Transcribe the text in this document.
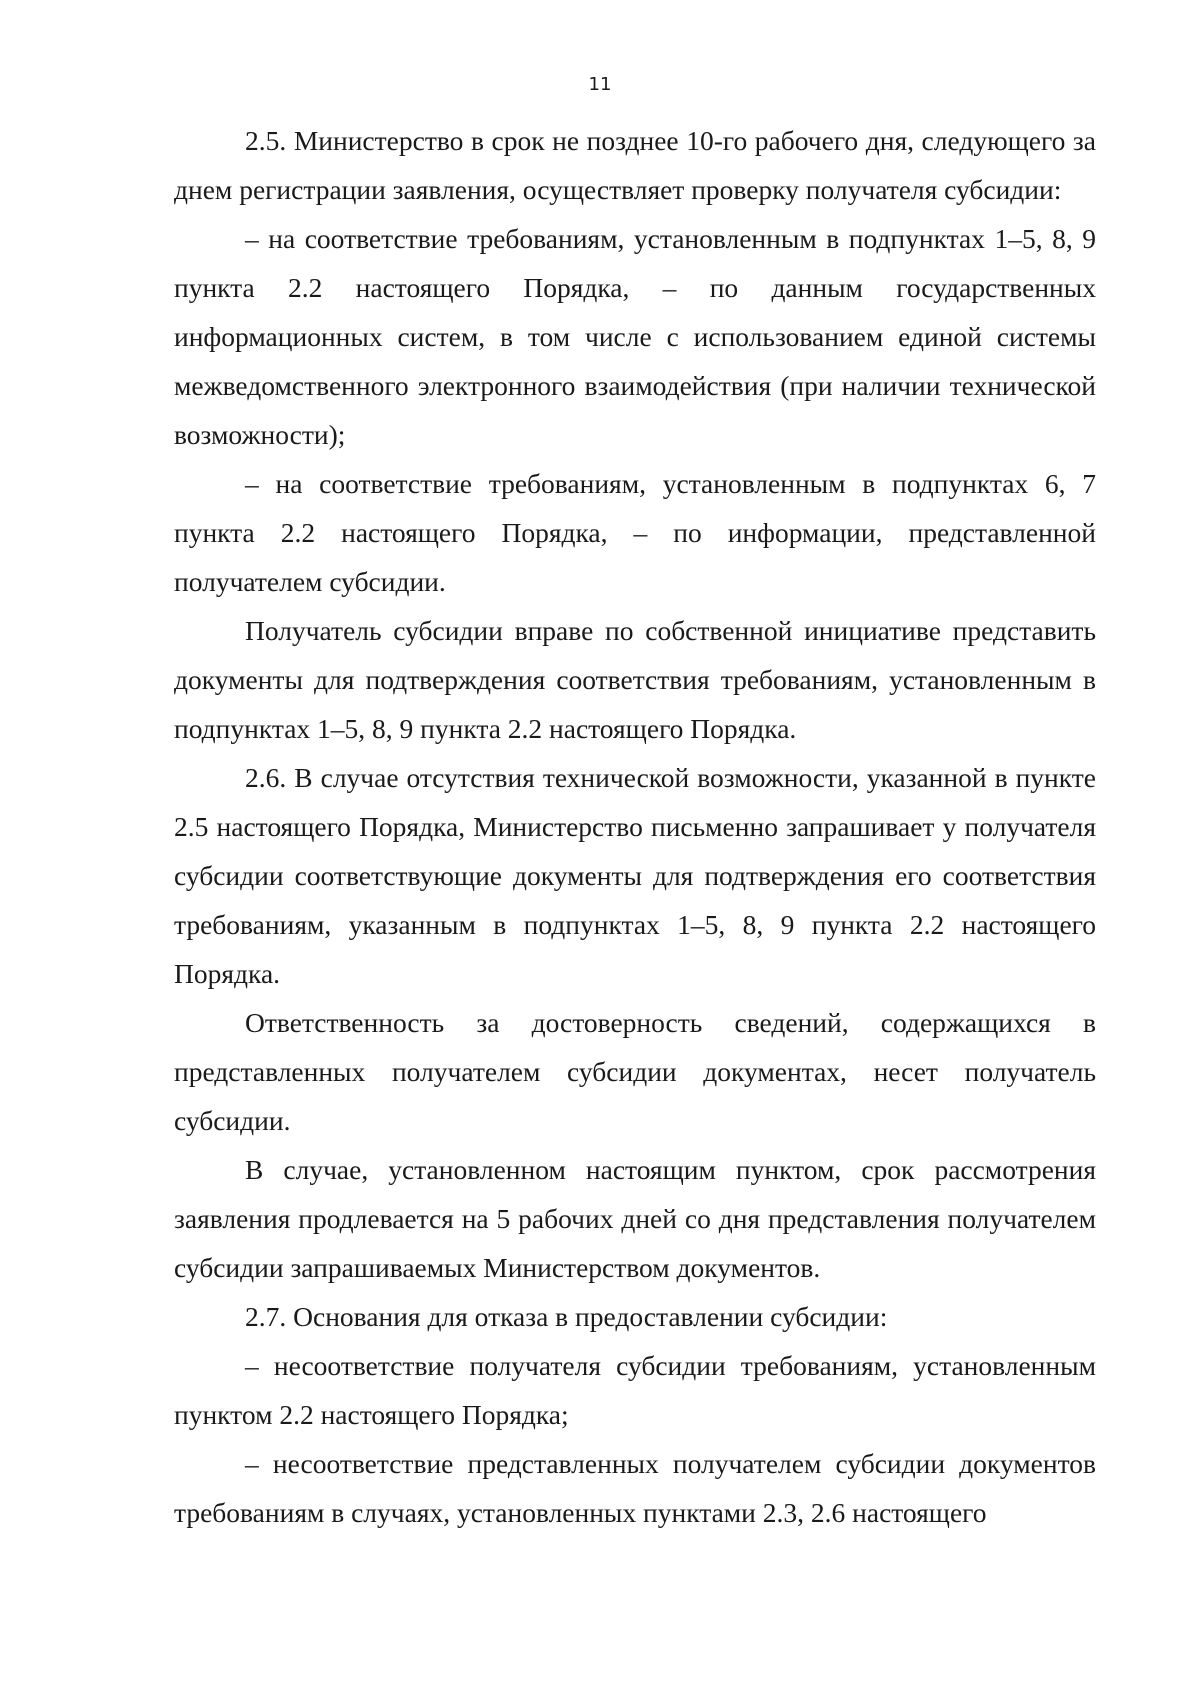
11

2.5. Министерство в срок не позднее 10-го рабочего дня, следующего за днем регистрации заявления, осуществляет проверку получателя субсидии:

– на соответствие требованиям, установленным в подпунктах 1–5, 8, 9 пункта 2.2 настоящего Порядка, – по данным государственных информационных систем, в том числе с использованием единой системы межведомственного электронного взаимодействия (при наличии технической возможности);

– на соответствие требованиям, установленным в подпунктах 6, 7 пункта 2.2 настоящего Порядка, – по информации, представленной получателем субсидии.

Получатель субсидии вправе по собственной инициативе представить документы для подтверждения соответствия требованиям, установленным в подпунктах 1–5, 8, 9 пункта 2.2 настоящего Порядка.

2.6. В случае отсутствия технической возможности, указанной в пункте 2.5 настоящего Порядка, Министерство письменно запрашивает у получателя субсидии соответствующие документы для подтверждения его соответствия требованиям, указанным в подпунктах 1–5, 8, 9 пункта 2.2 настоящего Порядка.

Ответственность за достоверность сведений, содержащихся в представленных получателем субсидии документах, несет получатель субсидии.

В случае, установленном настоящим пунктом, срок рассмотрения заявления продлевается на 5 рабочих дней со дня представления получателем субсидии запрашиваемых Министерством документов.

2.7. Основания для отказа в предоставлении субсидии:

– несоответствие получателя субсидии требованиям, установленным пунктом 2.2 настоящего Порядка;

– несоответствие представленных получателем субсидии документов требованиям в случаях, установленных пунктами 2.3, 2.6 настоящего
